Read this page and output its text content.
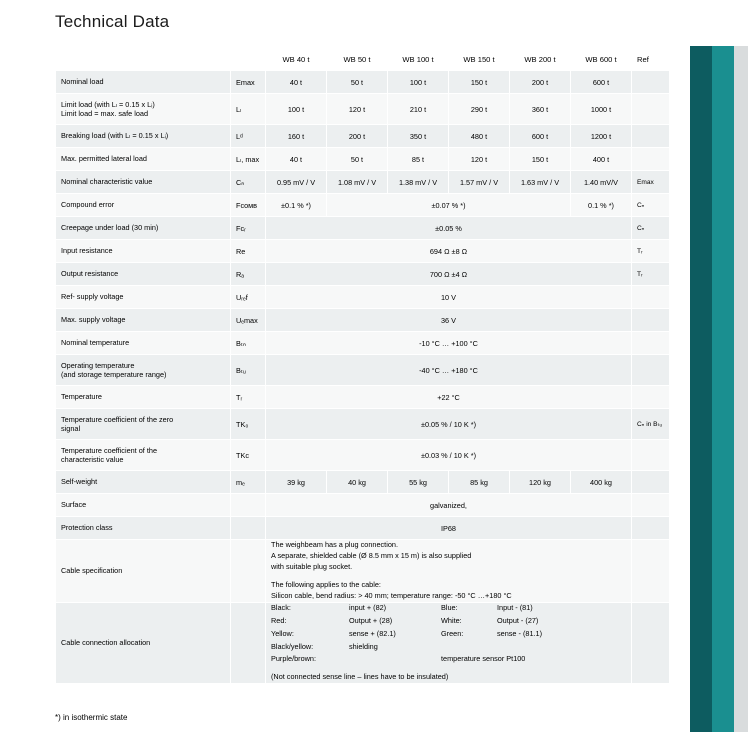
Technical Data
		WB 40 t	WB 50 t	WB 100 t	WB 150 t	WB 200 t	WB 600 t	Ref
Nominal load	Emax	40 t	50 t	100 t	150 t	200 t	600 t	
Limit load (with Lₗ = 0.15 x Lᵢ)
Limit load = max. safe load	Lₗ	100 t	120 t	210 t	290 t	360 t	1000 t	
Breaking load (with Lₗ = 0.15 x Lᵢ)	Lᵈ	160 t	200 t	350 t	480 t	600 t	1200 t	
Max. permitted lateral load	Lₗ, max	40 t	50 t	85 t	120 t	150 t	400 t	
Nominal characteristic value	Cₙ	0.95 mV / V	1.08 mV / V	1.38 mV / V	1.57 mV / V	1.63 mV / V	1.40 mV/V	Emax
Compound error	Fᴄᴏᴍʙ	±0.1 % *)	±0.07 % *)				0.1 % *)	Cₙ
Creepage under load (30 min)	Fᴄᵣ	±0.05 %						Cₙ
Input resistance	Re	694 Ω ±8 Ω						Tᵣ
Output resistance	Rₐ	700 Ω ±4 Ω						Tᵣ
Ref- supply voltage	Uᵣₑf	10 V						
Max. supply voltage	Uₑmax	36 V						
Nominal temperature	Bₜₙ	-10 °C … +100 °C						
Operating temperature
(and storage temperature range)	Bₜᵤ	-40 °C … +180 °C						
Temperature	Tᵣ	+22 °C						
Temperature coefficient of the zero
signal	TK₀	±0.05 % / 10 K *)						Cₙ in Bₜᵤ
Temperature coefficient of the
characteristic value	TKᴄ	±0.03 % / 10 K *)						
Self-weight	mₑ	39 kg	40 kg	55 kg	85 kg	120 kg	400 kg	
Surface		galvanized,						
Protection class		IP68						
Cable specification		The weighbeam has a plug connection.
A separate, shielded cable (Ø 8.5 mm x 15 m) is also supplied
with suitable plug socket.
The following applies to the cable:
Silicon cable, bend radius: > 40 mm; temperature range: -50 °C …+180 °C						

Cable connection allocation		
Black:	input + (82)	Blue:	Input - (81)
Red:	Output + (28)	White:	Output - (27)
Yellow:	sense + (82.1)	Green:	sense - (81.1)
Black/yellow:	shielding
Purple/brown:	temperature sensor Pt100
(Not connected sense line – lines have to be insulated)

*) in isothermic state
